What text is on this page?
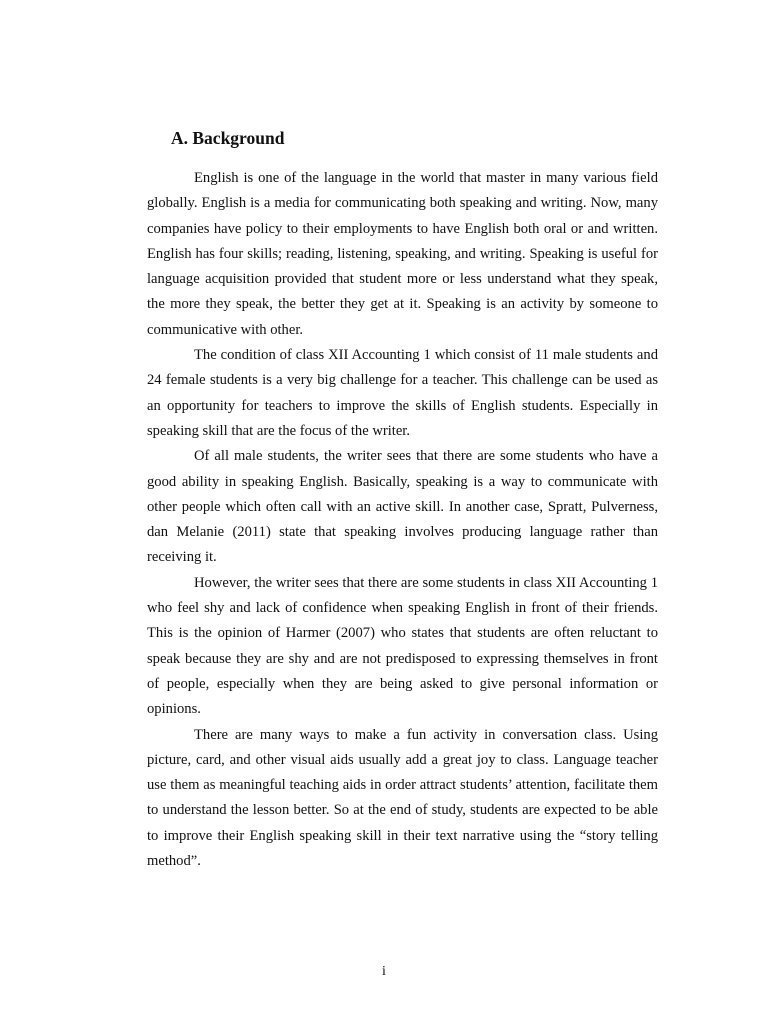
A. Background

English is one of the language in the world that master in many various field globally. English is a media for communicating both speaking and writing. Now, many companies have policy to their employments to have English both oral or and written. English has four skills; reading, listening, speaking, and writing. Speaking is useful for language acquisition provided that student more or less understand what they speak, the more they speak, the better they get at it. Speaking is an activity by someone to communicative with other.

The condition of class XII Accounting 1 which consist of 11 male students and 24 female students is a very big challenge for a teacher. This challenge can be used as an opportunity for teachers to improve the skills of English students. Especially in speaking skill that are the focus of the writer.

Of all male students, the writer sees that there are some students who have a good ability in speaking English. Basically, speaking is a way to communicate with other people which often call with an active skill. In another case, Spratt, Pulverness, dan Melanie (2011) state that speaking involves producing language rather than receiving it.

However, the writer sees that there are some students in class XII Accounting 1 who feel shy and lack of confidence when speaking English in front of their friends. This is the opinion of Harmer (2007) who states that students are often reluctant to speak because they are shy and are not predisposed to expressing themselves in front of people, especially when they are being asked to give personal information or opinions.

There are many ways to make a fun activity in conversation class. Using picture, card, and other visual aids usually add a great joy to class. Language teacher use them as meaningful teaching aids in order attract students’ attention, facilitate them to understand the lesson better. So at the end of study, students are expected to be able to improve their English speaking skill in their text narrative using the “story telling method”.

i
